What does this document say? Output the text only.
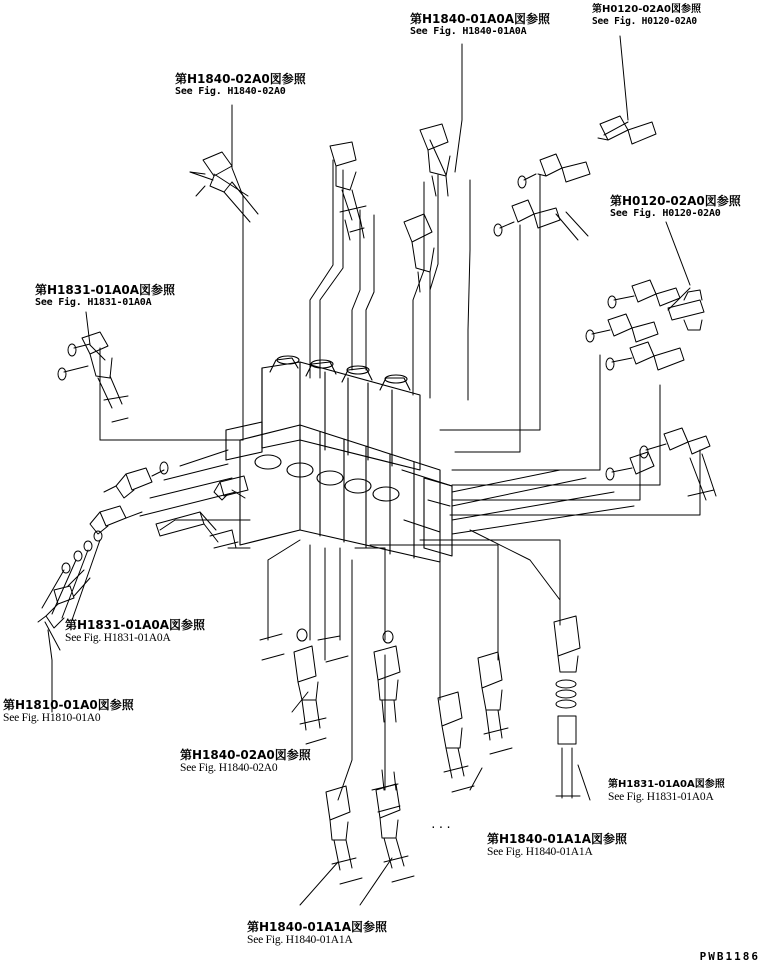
第H1840-01A0A図参照
See Fig. H1840-01A0A
第H0120-02A0図参照
See Fig. H0120-02A0
第H1840-02A0図参照
See Fig. H1840-02A0
第H0120-02A0図参照
See Fig. H0120-02A0
第H1831-01A0A図参照
See Fig. H1831-01A0A
第H1831-01A0A図参照
See Fig. H1831-01A0A
第H1810-01A0図参照
See Fig. H1810-01A0
第H1840-02A0図参照
See Fig. H1840-02A0
第H1831-01A0A図参照
See Fig. H1831-01A0A
第H1840-01A1A図参照
See Fig. H1840-01A1A
第H1840-01A1A図参照
See Fig. H1840-01A1A
...
PWB1186
